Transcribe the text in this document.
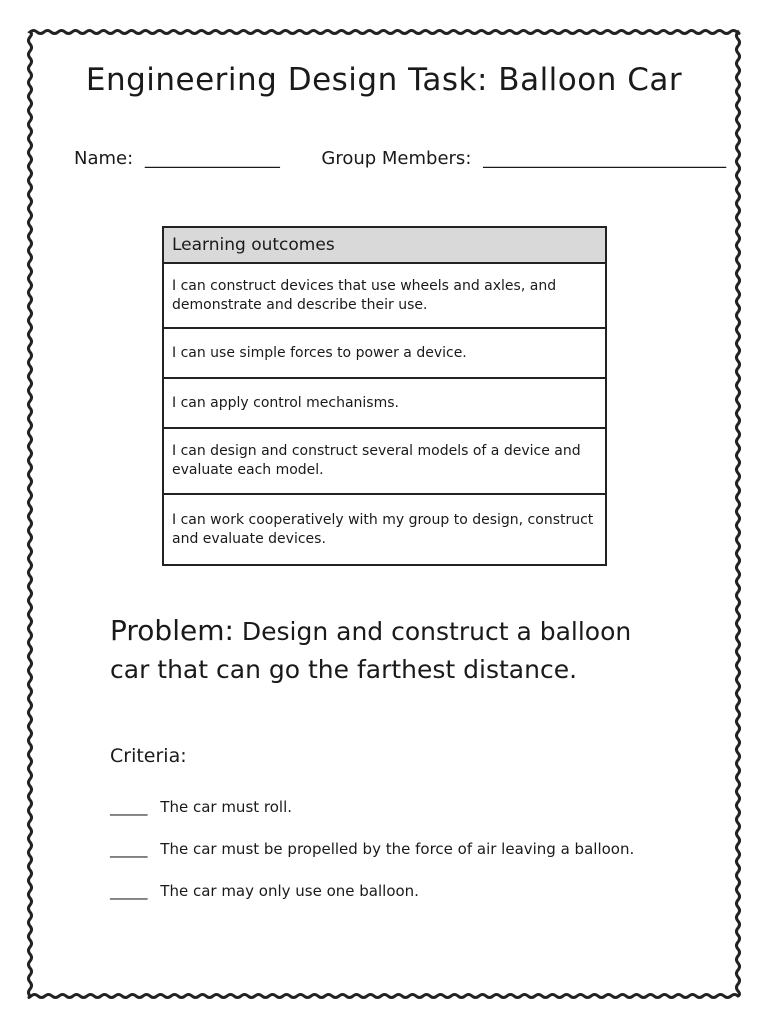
Engineering Design Task: Balloon Car
Name: _______________ Group Members: ___________________________
Learning outcomes
I can construct devices that use wheels and axles, and demonstrate and describe their use.
I can use simple forces to power a device.
I can apply control mechanisms.
I can design and construct several models of a device and evaluate each model.
I can work cooperatively with my group to design, construct and evaluate devices.
Problem: Design and construct a balloon car that can go the farthest distance.
Criteria:
_____ The car must roll.
_____ The car must be propelled by the force of air leaving a balloon.
_____ The car may only use one balloon.
